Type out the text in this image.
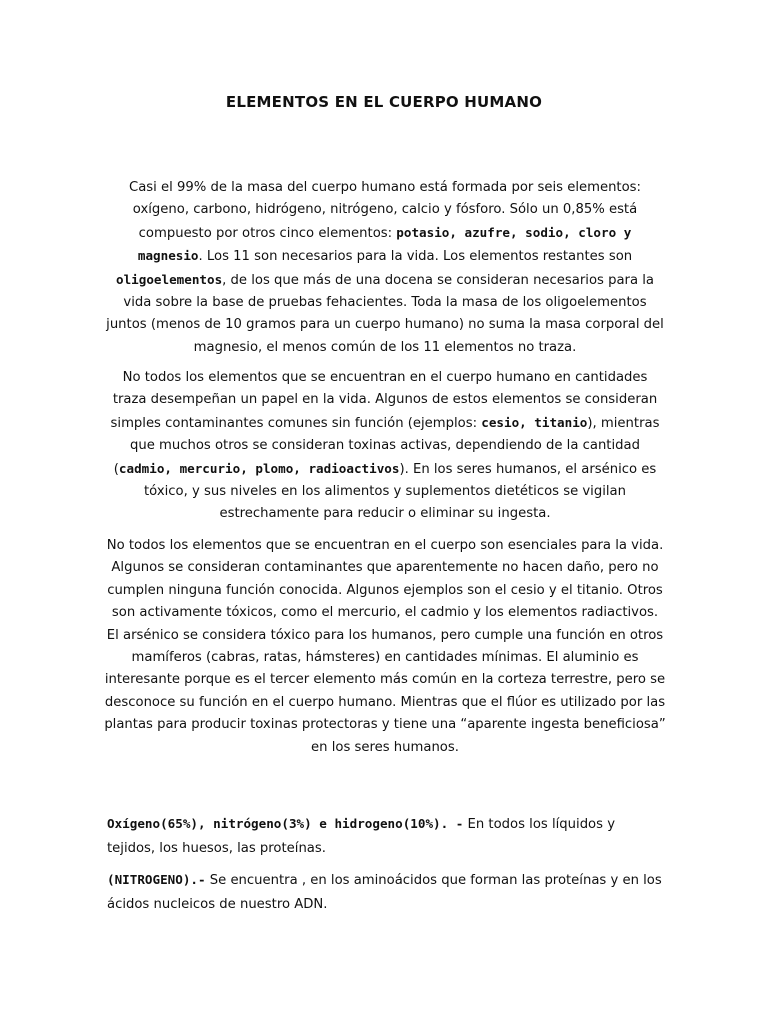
ELEMENTOS EN EL CUERPO HUMANO

Casi el 99% de la masa del cuerpo humano está formada por seis elementos: oxígeno, carbono, hidrógeno, nitrógeno, calcio y fósforo. Sólo un 0,85% está compuesto por otros cinco elementos: potasio, azufre, sodio, cloro y magnesio. Los 11 son necesarios para la vida. Los elementos restantes son oligoelementos, de los que más de una docena se consideran necesarios para la vida sobre la base de pruebas fehacientes. Toda la masa de los oligoelementos juntos (menos de 10 gramos para un cuerpo humano) no suma la masa corporal del magnesio, el menos común de los 11 elementos no traza.

No todos los elementos que se encuentran en el cuerpo humano en cantidades traza desempeñan un papel en la vida. Algunos de estos elementos se consideran simples contaminantes comunes sin función (ejemplos: cesio, titanio), mientras que muchos otros se consideran toxinas activas, dependiendo de la cantidad (cadmio, mercurio, plomo, radioactivos). En los seres humanos, el arsénico es tóxico, y sus niveles en los alimentos y suplementos dietéticos se vigilan estrechamente para reducir o eliminar su ingesta.

No todos los elementos que se encuentran en el cuerpo son esenciales para la vida. Algunos se consideran contaminantes que aparentemente no hacen daño, pero no cumplen ninguna función conocida. Algunos ejemplos son el cesio y el titanio. Otros son activamente tóxicos, como el mercurio, el cadmio y los elementos radiactivos. El arsénico se considera tóxico para los humanos, pero cumple una función en otros mamíferos (cabras, ratas, hámsteres) en cantidades mínimas. El aluminio es interesante porque es el tercer elemento más común en la corteza terrestre, pero se desconoce su función en el cuerpo humano. Mientras que el flúor es utilizado por las plantas para producir toxinas protectoras y tiene una “aparente ingesta beneficiosa” en los seres humanos.

Oxígeno(65%), nitrógeno(3%) e hidrogeno(10%). - En todos los líquidos y tejidos, los huesos, las proteínas.

(NITROGENO).- Se encuentra , en los aminoácidos que forman las proteínas y en los ácidos nucleicos de nuestro ADN.
